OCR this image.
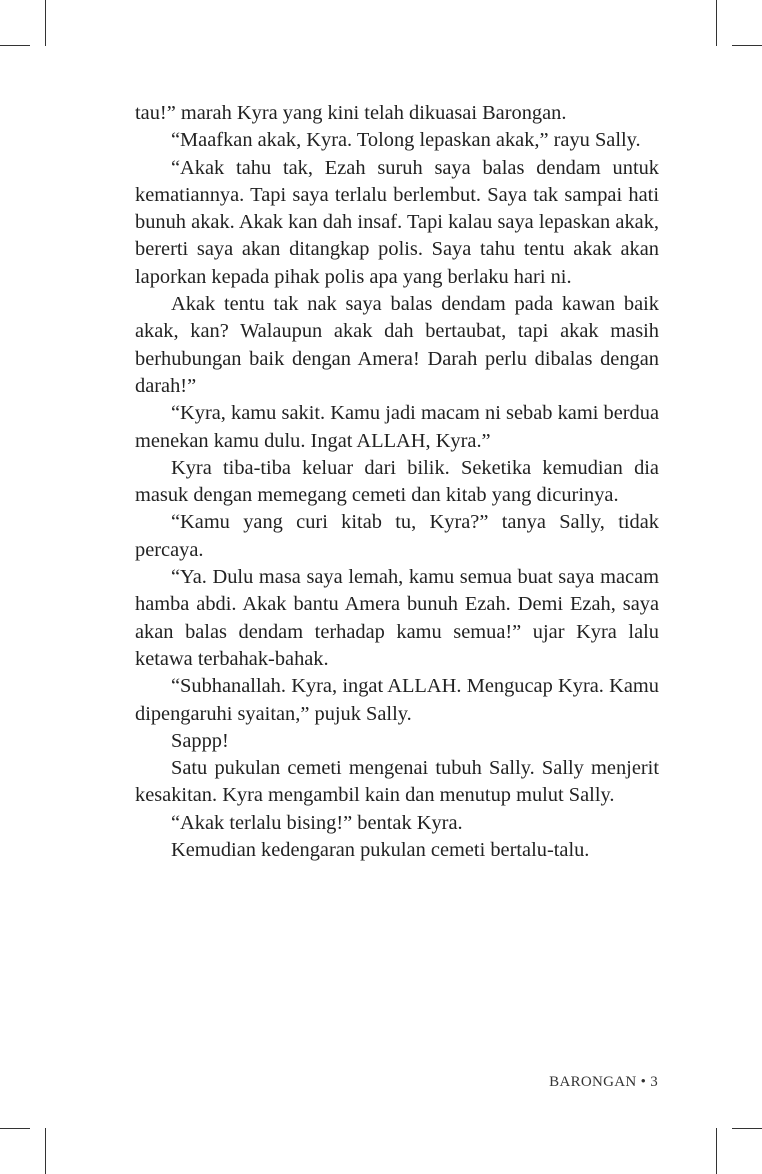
tau!” marah Kyra yang kini telah dikuasai Barongan.

“Maafkan akak, Kyra. Tolong lepaskan akak,” rayu Sally.

“Akak tahu tak, Ezah suruh saya balas dendam untuk kematiannya. Tapi saya terlalu berlembut. Saya tak sampai hati bunuh akak. Akak kan dah insaf. Tapi kalau saya lepaskan akak, bererti saya akan ditangkap polis. Saya tahu tentu akak akan laporkan kepada pihak polis apa yang berlaku hari ni.

Akak tentu tak nak saya balas dendam pada kawan baik akak, kan? Walaupun akak dah bertaubat, tapi akak masih berhubungan baik dengan Amera! Darah perlu dibalas dengan darah!”

“Kyra, kamu sakit. Kamu jadi macam ni sebab kami berdua menekan kamu dulu. Ingat ALLAH, Kyra.”

Kyra tiba-tiba keluar dari bilik. Seketika kemudian dia masuk dengan memegang cemeti dan kitab yang dicurinya.

“Kamu yang curi kitab tu, Kyra?” tanya Sally, tidak percaya.

“Ya. Dulu masa saya lemah, kamu semua buat saya macam hamba abdi. Akak bantu Amera bunuh Ezah. Demi Ezah, saya akan balas dendam terhadap kamu semua!” ujar Kyra lalu ketawa terbahak-bahak.

“Subhanallah. Kyra, ingat ALLAH. Mengucap Kyra. Kamu dipengaruhi syaitan,” pujuk Sally.

Sappp!

Satu pukulan cemeti mengenai tubuh Sally. Sally menjerit kesakitan. Kyra mengambil kain dan menutup mulut Sally.

“Akak terlalu bising!” bentak Kyra.

Kemudian kedengaran pukulan cemeti bertalu-talu.

BARONGAN • 3
